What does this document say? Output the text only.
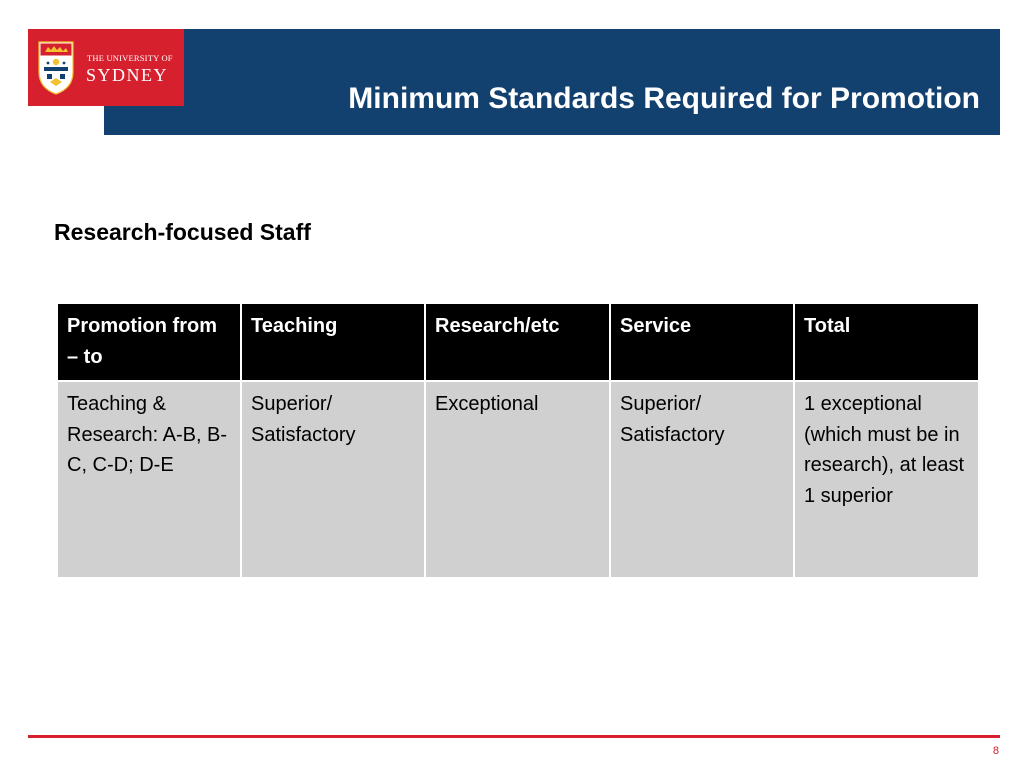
Minimum Standards Required for Promotion
THE UNIVERSITY OF
SYDNEY
Research-focused Staff
Promotion from – to	Teaching	Research/etc	Service	Total
Teaching & Research: A-B, B-C, C-D; D-E	Superior/ Satisfactory	Exceptional	Superior/ Satisfactory	1 exceptional (which must be in research), at least 1 superior
8
